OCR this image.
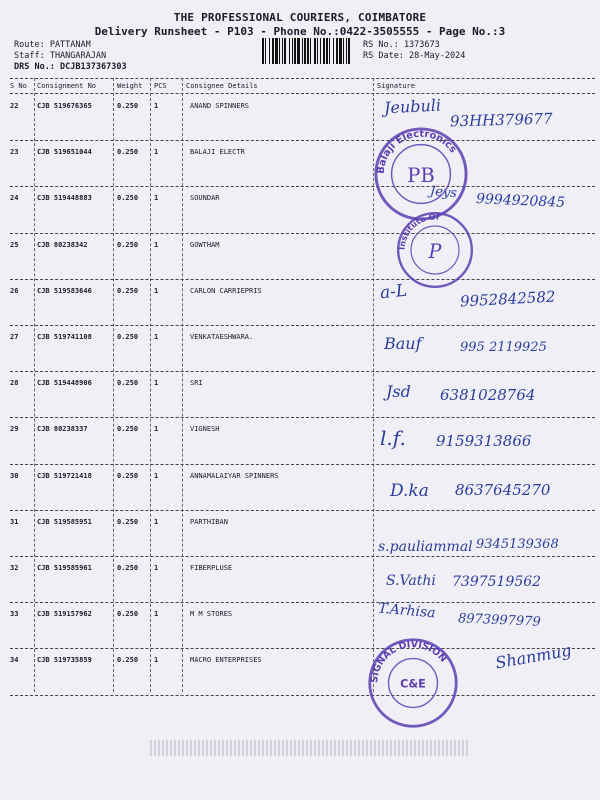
THE PROFESSIONAL COURIERS, COIMBATORE
Delivery Runsheet - P103 - Phone No.:0422-3505555 - Page No.:3
Route: PATTANAM
Staff: THANGARAJAN
DRS No.: DCJB137367303
RS No.: 1373673
RS Date: 28-May-2024
S No Consignment No	Weight PCS	Consignee Details	Signature
22	CJB 519676365	0.250 1	ANAND SPINNERS	Jeubuli
93HH379677
23	CJB 519651044	0.250 1	BALAJI ELECTR
24	CJB 519448883	0.250 1	SOUNDAR	Jeys 9994920845
25	CJB 80238342	0.250 1	GOWTHAM
26	CJB 519583646	0.250 1	CARLON CARRIEPRIS	a-L	9952842582
27	CJB 519741108	0.250 1	VENKATAESHWARA.	Bauf	995 2119925
28	CJB 519448906	0.250 1	SRI	Jsd 6381028764
29	CJB 80238337	0.250 1	VIGNESH	l.f. 9159313866
30	CJB 519721418	0.250 1	ANNAMALAIYAR SPINNERS
D.ka 8637645270
31	CJB 519585951	0.250 1	PARTHIBAN
s.pauliammal 9345139368
32	CJB 519585961	0.250 1	FIBERPLUSE
S.Vathi 7397519562
33	CJB 519157962	0.250 1	M M STORES	T.Arhisa 8973997979
34	CJB 519735859	0.250 1	MACRO ENTERPRISES	Shanmug
Balaji Electronics
PB
Institute Of
P
SIGNAL DIVISION
C&E
